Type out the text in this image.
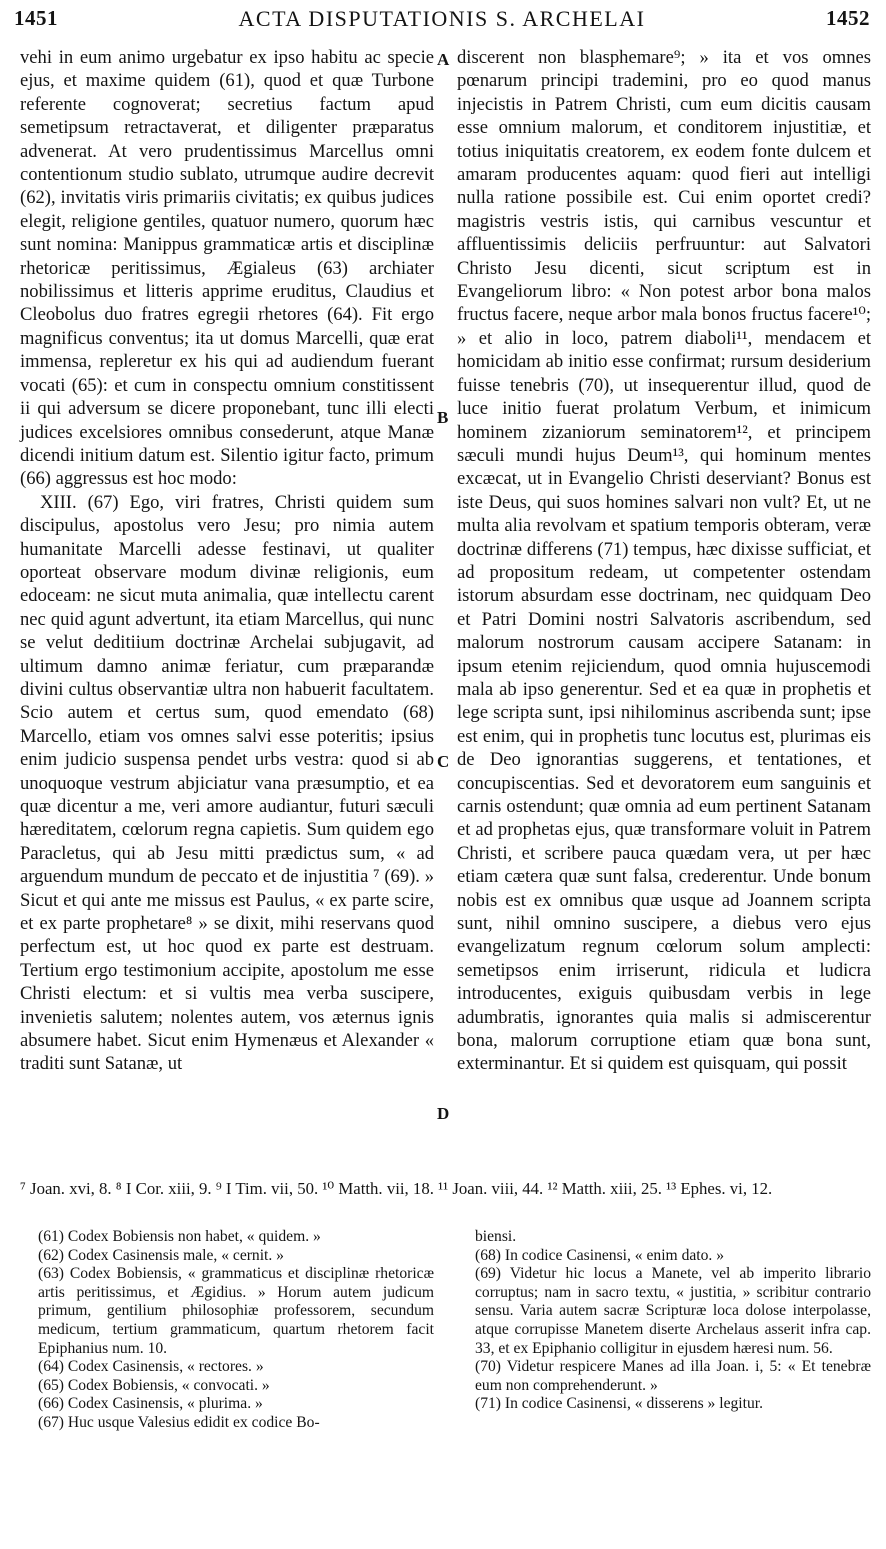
1451	ACTA DISPUTATIONIS S. ARCHELAI	1452

vehi in eum animo urgebatur ex ipso habitu ac specie ejus, et maxime quidem (61), quod et quæ Turbone referente cognoverat; secretius factum apud semetipsum retractaverat, et diligenter præparatus advenerat. At vero prudentissimus Marcellus omni contentionum studio sublato, utrumque audire decrevit (62), invitatis viris primariis civitatis; ex quibus judices elegit, religione gentiles, quatuor numero, quorum hæc sunt nomina: Manippus grammaticæ artis et disciplinæ rhetoricæ peritissimus, Ægialeus (63) archiater nobilissimus et litteris apprime eruditus, Claudius et Cleobolus duo fratres egregii rhetores (64). Fit ergo magnificus conventus; ita ut domus Marcelli, quæ erat immensa, repleretur ex his qui ad audiendum fuerant vocati (65): et cum in conspectu omnium constitissent ii qui adversum se dicere proponebant, tunc illi electi judices excelsiores omnibus consederunt, atque Manæ dicendi initium datum est. Silentio igitur facto, primum (66) aggressus est hoc modo:

XIII. (67) Ego, viri fratres, Christi quidem sum discipulus, apostolus vero Jesu; pro nimia autem humanitate Marcelli adesse festinavi, ut qualiter oporteat observare modum divinæ religionis, eum edoceam: ne sicut muta animalia, quæ intellectu carent nec quid agunt advertunt, ita etiam Marcellus, qui nunc se velut deditiium doctrinæ Archelai subjugavit, ad ultimum damno animæ feriatur, cum præparandæ divini cultus observantiæ ultra non habuerit facultatem. Scio autem et certus sum, quod emendato (68) Marcello, etiam vos omnes salvi esse poteritis; ipsius enim judicio suspensa pendet urbs vestra: quod si ab unoquoque vestrum abjiciatur vana præsumptio, et ea quæ dicentur a me, veri amore audiantur, futuri sæculi hæreditatem, cœlorum regna capietis. Sum quidem ego Paracletus, qui ab Jesu mitti prædictus sum, « ad arguendum mundum de peccato et de injustitia ⁷ (69). » Sicut et qui ante me missus est Paulus, « ex parte scire, et ex parte prophetare⁸ » se dixit, mihi reservans quod perfectum est, ut hoc quod ex parte est destruam. Tertium ergo testimonium accipite, apostolum me esse Christi electum: et si vultis mea verba suscipere, invenietis salutem; nolentes autem, vos æternus ignis absumere habet. Sicut enim Hymenæus et Alexander « traditi sunt Satanæ, ut

A
B
C
D

discerent non blasphemare⁹; » ita et vos omnes pœnarum principi trademini, pro eo quod manus injecistis in Patrem Christi, cum eum dicitis causam esse omnium malorum, et conditorem injustitiæ, et totius iniquitatis creatorem, ex eodem fonte dulcem et amaram producentes aquam: quod fieri aut intelligi nulla ratione possibile est. Cui enim oportet credi? magistris vestris istis, qui carnibus vescuntur et affluentissimis deliciis perfruuntur: aut Salvatori Christo Jesu dicenti, sicut scriptum est in Evangeliorum libro: « Non potest arbor bona malos fructus facere, neque arbor mala bonos fructus facere¹⁰; » et alio in loco, patrem diaboli¹¹, mendacem et homicidam ab initio esse confirmat; rursum desiderium fuisse tenebris (70), ut insequerentur illud, quod de luce initio fuerat prolatum Verbum, et inimicum hominem zizaniorum seminatorem¹², et principem sæculi mundi hujus Deum¹³, qui hominum mentes excæcat, ut in Evangelio Christi deserviant? Bonus est iste Deus, qui suos homines salvari non vult? Et, ut ne multa alia revolvam et spatium temporis obteram, veræ doctrinæ differens (71) tempus, hæc dixisse sufficiat, et ad propositum redeam, ut competenter ostendam istorum absurdam esse doctrinam, nec quidquam Deo et Patri Domini nostri Salvatoris ascribendum, sed malorum nostrorum causam accipere Satanam: in ipsum etenim rejiciendum, quod omnia hujuscemodi mala ab ipso generentur. Sed et ea quæ in prophetis et lege scripta sunt, ipsi nihilominus ascribenda sunt; ipse est enim, qui in prophetis tunc locutus est, plurimas eis de Deo ignorantias suggerens, et tentationes, et concupiscentias. Sed et devoratorem eum sanguinis et carnis ostendunt; quæ omnia ad eum pertinent Satanam et ad prophetas ejus, quæ transformare voluit in Patrem Christi, et scribere pauca quædam vera, ut per hæc etiam cætera quæ sunt falsa, crederentur. Unde bonum nobis est ex omnibus quæ usque ad Joannem scripta sunt, nihil omnino suscipere, a diebus vero ejus evangelizatum regnum cœlorum solum amplecti: semetipsos enim irriserunt, ridicula et ludicra introducentes, exiguis quibusdam verbis in lege adumbratis, ignorantes quia malis si admiscerentur bona, malorum corruptione etiam quæ bona sunt, exterminantur. Et si quidem est quisquam, qui possit

⁷ Joan. xvi, 8. ⁸ I Cor. xiii, 9. ⁹ I Tim. vii, 50. ¹⁰ Matth. vii, 18. ¹¹ Joan. viii, 44. ¹² Matth. xiii, 25. ¹³ Ephes. vi, 12.

(61) Codex Bobiensis non habet, « quidem. »

(62) Codex Casinensis male, « cernit. »

(63) Codex Bobiensis, « grammaticus et disciplinæ rhetoricæ artis peritissimus, et Ægidius. » Horum autem judicum primum, gentilium philosophiæ professorem, secundum medicum, tertium grammaticum, quartum rhetorem facit Epiphanius num. 10.

(64) Codex Casinensis, « rectores. »

(65) Codex Bobiensis, « convocati. »

(66) Codex Casinensis, « plurima. »

(67) Huc usque Valesius edidit ex codice Bo-

biensi.

(68) In codice Casinensi, « enim dato. »

(69) Videtur hic locus a Manete, vel ab imperito librario corruptus; nam in sacro textu, « justitia, » scribitur contrario sensu. Varia autem sacræ Scripturæ loca dolose interpolasse, atque corrupisse Manetem diserte Archelaus asserit infra cap. 33, et ex Epiphanio colligitur in ejusdem hæresi num. 56.

(70) Videtur respicere Manes ad illa Joan. i, 5: « Et tenebræ eum non comprehenderunt. »

(71) In codice Casinensi, « disserens » legitur.
